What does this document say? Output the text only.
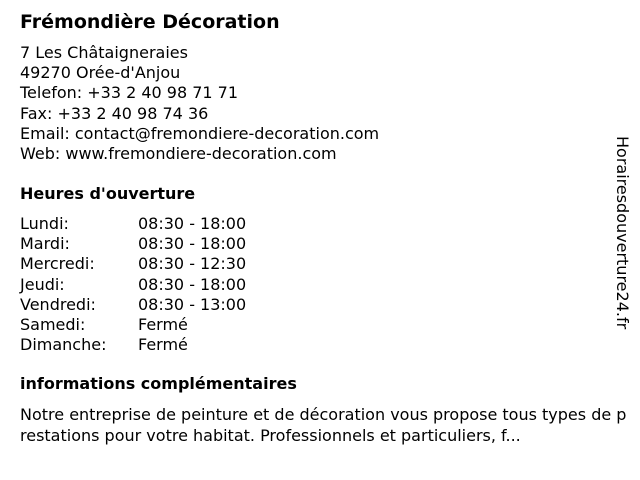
Frémondière Décoration
7 Les Châtaigneraies
49270 Orée-d'Anjou
Telefon: +33 2 40 98 71 71
Fax: +33 2 40 98 74 36
Email: contact@fremondiere-decoration.com
Web: www.fremondiere-decoration.com
Heures d'ouverture
Lundi:	08:30 - 18:00
Mardi:	08:30 - 18:00
Mercredi:	08:30 - 12:30
Jeudi:	08:30 - 18:00
Vendredi:	08:30 - 13:00
Samedi:	Fermé
Dimanche: Fermé
informations complémentaires
Notre entreprise de peinture et de décoration vous propose tous types de prestations pour votre habitat. Professionnels et particuliers, f...
Horairesdouverture24.fr
